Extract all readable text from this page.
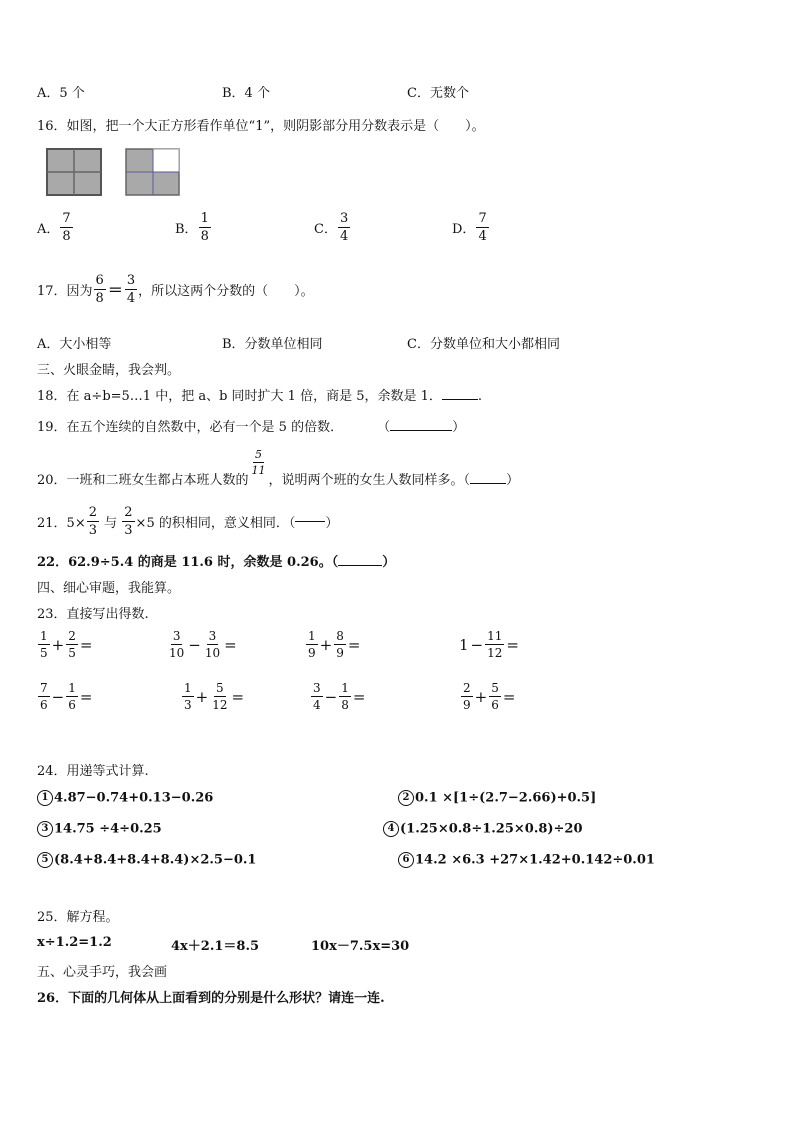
A．5 个	B．4 个	C．无数个
16．如图，把一个大正方形看作单位“1”，则阴影部分用分数表示是（　　）。
A． $\frac{7}{8}$	B． $\frac{1}{8}$	C． $\frac{3}{4}$	D． $\frac{7}{4}$
17．因为 $\frac{6}{8} = \frac{3}{4}$ ，所以这两个分数的（　　）。
A．大小相等	B．分数单位相同	C．分数单位和大小都相同
三、火眼金睛，我会判。
18．在 a÷b=5…1 中，把 a、b 同时扩大 1 倍，商是 5，余数是 1．	.
19．在五个连续的自然数中，必有一个是 5 的倍数．	（	）
20．一班和二班女生都占本班人数的
$\frac{5}{11}$
，说明两个班的女生人数同样多。（	）
21．$5\times \frac{2}{3}$ 与 $\frac{2}{3} \times 5$ 的积相同，意义相同．（ ）
22．62.9÷5.4 的商是 11.6 时，余数是 0.26。（	）
四、细心审题，我能算。
23．直接写出得数.
$\frac{1}{5} + \frac{2}{5}$ =	$\frac{3}{10} - \frac{3}{10}$ =	$\frac{1}{9} + \frac{8}{9}$ =	$1 - \frac{11}{12}$ =
$\frac{7}{6} - \frac{1}{6}$ =	$\frac{1}{3} + \frac{5}{12}$ =	$\frac{3}{4} - \frac{1}{8}$ =	$\frac{2}{9} + \frac{5}{6}$ =
24．用递等式计算.
1 4.87−0.74+0.13−0.26	2 0.1 ×[1÷(2.7−2.66)+0.5]
3 14.75 ÷4÷0.25	4 (1.25×0.8÷1.25×0.8)÷20
5 (8.4+8.4+8.4+8.4)×2.5−0.1	6 14.2 ×6.3 +27×1.42+0.142÷0.01
25．解方程。
x÷1.2=1.2	4x＋2.1＝8.5	10x－7.5x=30
五、心灵手巧，我会画
26．下面的几何体从上面看到的分别是什么形状？请连一连.
